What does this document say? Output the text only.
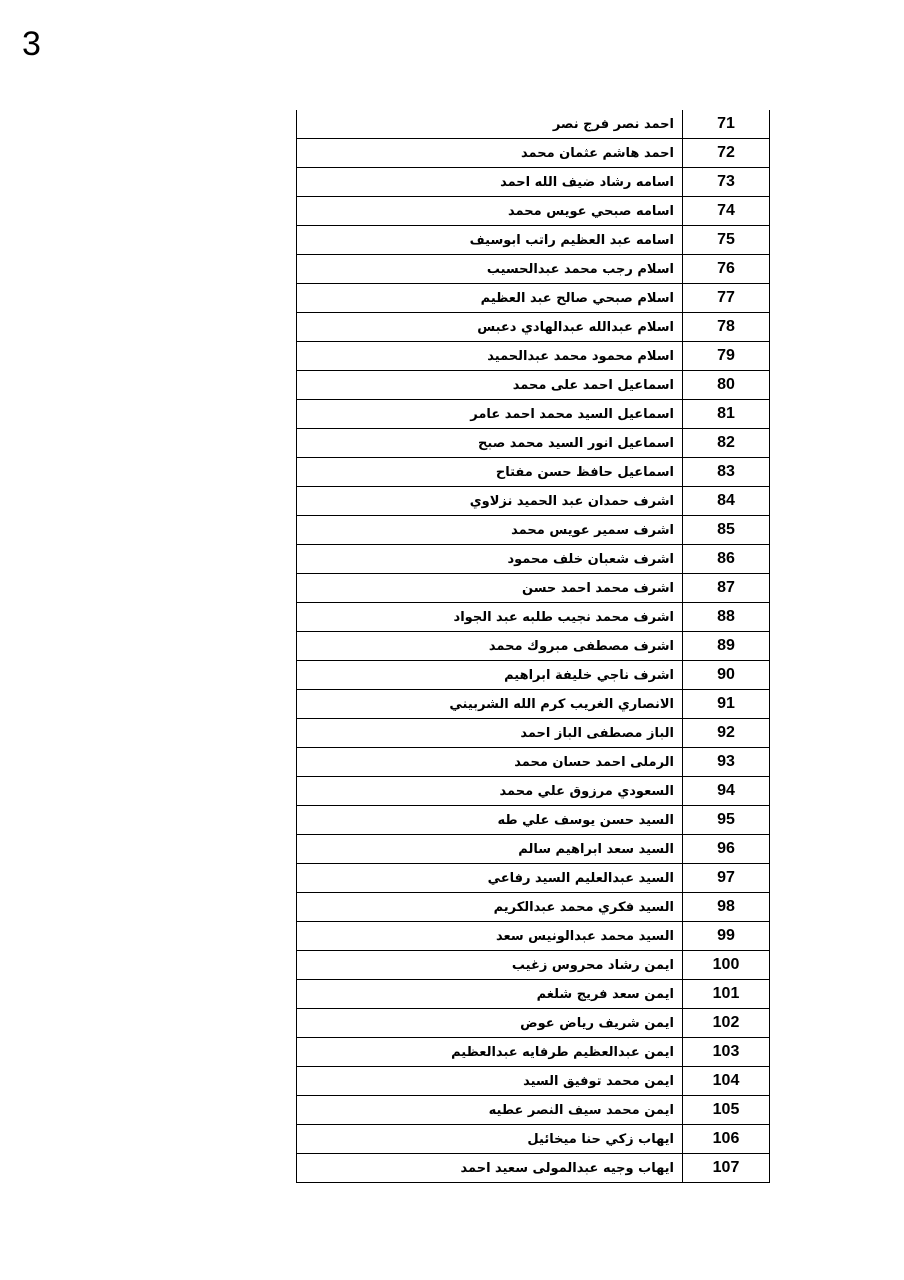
3
71	احمد نصر فرج نصر
72	احمد هاشم عثمان محمد
73	اسامه رشاد ضيف الله احمد
74	اسامه صبحي عويس محمد
75	اسامه عبد العظيم راتب ابوسيف
76	اسلام رجب محمد عبدالحسيب
77	اسلام صبحي صالح عبد العظيم
78	اسلام عبدالله عبدالهادي دعبس
79	اسلام محمود محمد عبدالحميد
80	اسماعيل احمد على محمد
81	اسماعيل السيد محمد احمد عامر
82	اسماعيل انور السيد محمد صبح
83	اسماعيل حافظ حسن مفتاح
84	اشرف حمدان عبد الحميد نزلاوي
85	اشرف سمير عويس محمد
86	اشرف شعبان خلف محمود
87	اشرف محمد احمد حسن
88	اشرف محمد نجيب طلبه عبد الجواد
89	اشرف مصطفى مبروك محمد
90	اشرف ناجي خليفة ابراهيم
91	الانصاري الغريب كرم الله الشربيني
92	الباز مصطفى الباز احمد
93	الرملى احمد حسان محمد
94	السعودي مرزوق علي محمد
95	السيد حسن يوسف علي طه
96	السيد سعد ابراهيم سالم
97	السيد عبدالعليم السيد رفاعي
98	السيد فكري محمد عبدالكريم
99	السيد محمد عبدالونيس سعد
100	ايمن رشاد محروس زغيب
101	ايمن سعد فريج شلغم
102	ايمن شريف رياض عوض
103	ايمن عبدالعظيم طرفايه عبدالعظيم
104	ايمن محمد توفيق السيد
105	ايمن محمد سيف النصر عطيه
106	ايهاب زكي حنا ميخائيل
107	ايهاب وجيه عبدالمولى سعيد احمد
